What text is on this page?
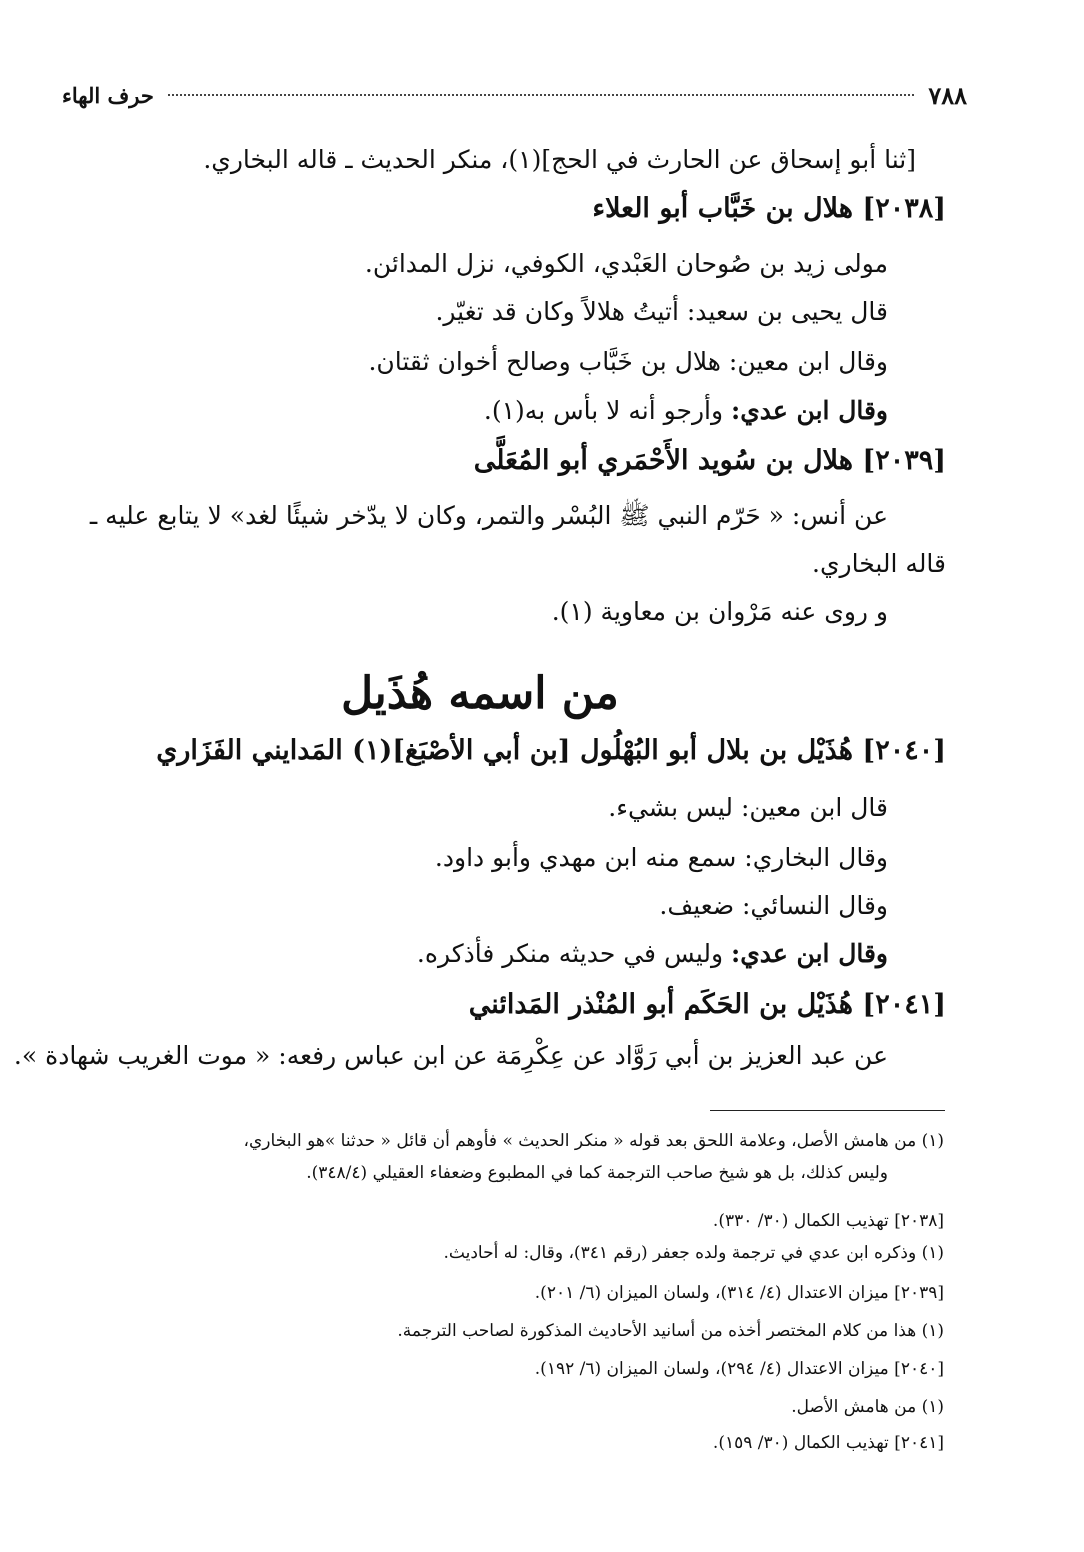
حرف الهاء	٧٨٨
[ثنا أبو إسحاق عن الحارث في الحج](١)، منكر الحديث ـ قاله البخاري.
[٢٠٣٨] هلال بن خَبَّاب أبو العلاء
مولى زيد بن صُوحان العَبْدي، الكوفي، نزل المدائن.
قال يحيى بن سعيد: أتيتُ هلالاً وكان قد تغيّر.
وقال ابن معين: هلال بن خَبَّاب وصالح أخوان ثقتان.
وقال ابن عدي: وأرجو أنه لا بأس به(١).
[٢٠٣٩] هلال بن سُويد الأَحْمَري أبو المُعَلَّى
عن أنس: « حَرّم النبي ﷺ البُسْر والتمر، وكان لا يدّخر شيئًا لغد» لا يتابع عليه ـ
قاله البخاري.
و روى عنه مَرْوان بن معاوية (١).
من اسمه هُذَيل
[٢٠٤٠] هُذَيْل بن بلال أبو البُهْلُول [بن أبي الأصْبَغ](١) المَدايني الفَزَاري
قال ابن معين: ليس بشيء.
وقال البخاري: سمع منه ابن مهدي وأبو داود.
وقال النسائي: ضعيف.
وقال ابن عدي: وليس في حديثه منكر فأذكره.
[٢٠٤١] هُذَيْل بن الحَكَم أبو المُنْذر المَدائني
عن عبد العزيز بن أبي رَوَّاد عن عِكْرِمَة عن ابن عباس رفعه: « موت الغريب شهادة ».
(١) من هامش الأصل، وعلامة اللحق بعد قوله « منكر الحديث » فأوهم أن قائل « حدثنا »هو البخاري،
وليس كذلك، بل هو شيخ صاحب الترجمة كما في المطبوع وضعفاء العقيلي (٣٤٨/٤).
[٢٠٣٨] تهذيب الكمال (٣٠/ ٣٣٠).
(١) وذكره ابن عدي في ترجمة ولده جعفر (رقم ٣٤١)، وقال: له أحاديث.
[٢٠٣٩] ميزان الاعتدال (٤/ ٣١٤)، ولسان الميزان (٦/ ٢٠١).
(١) هذا من كلام المختصر أخذه من أسانيد الأحاديث المذكورة لصاحب الترجمة.
[٢٠٤٠] ميزان الاعتدال (٤/ ٢٩٤)، ولسان الميزان (٦/ ١٩٢).
(١) من هامش الأصل.
[٢٠٤١] تهذيب الكمال (٣٠/ ١٥٩).
